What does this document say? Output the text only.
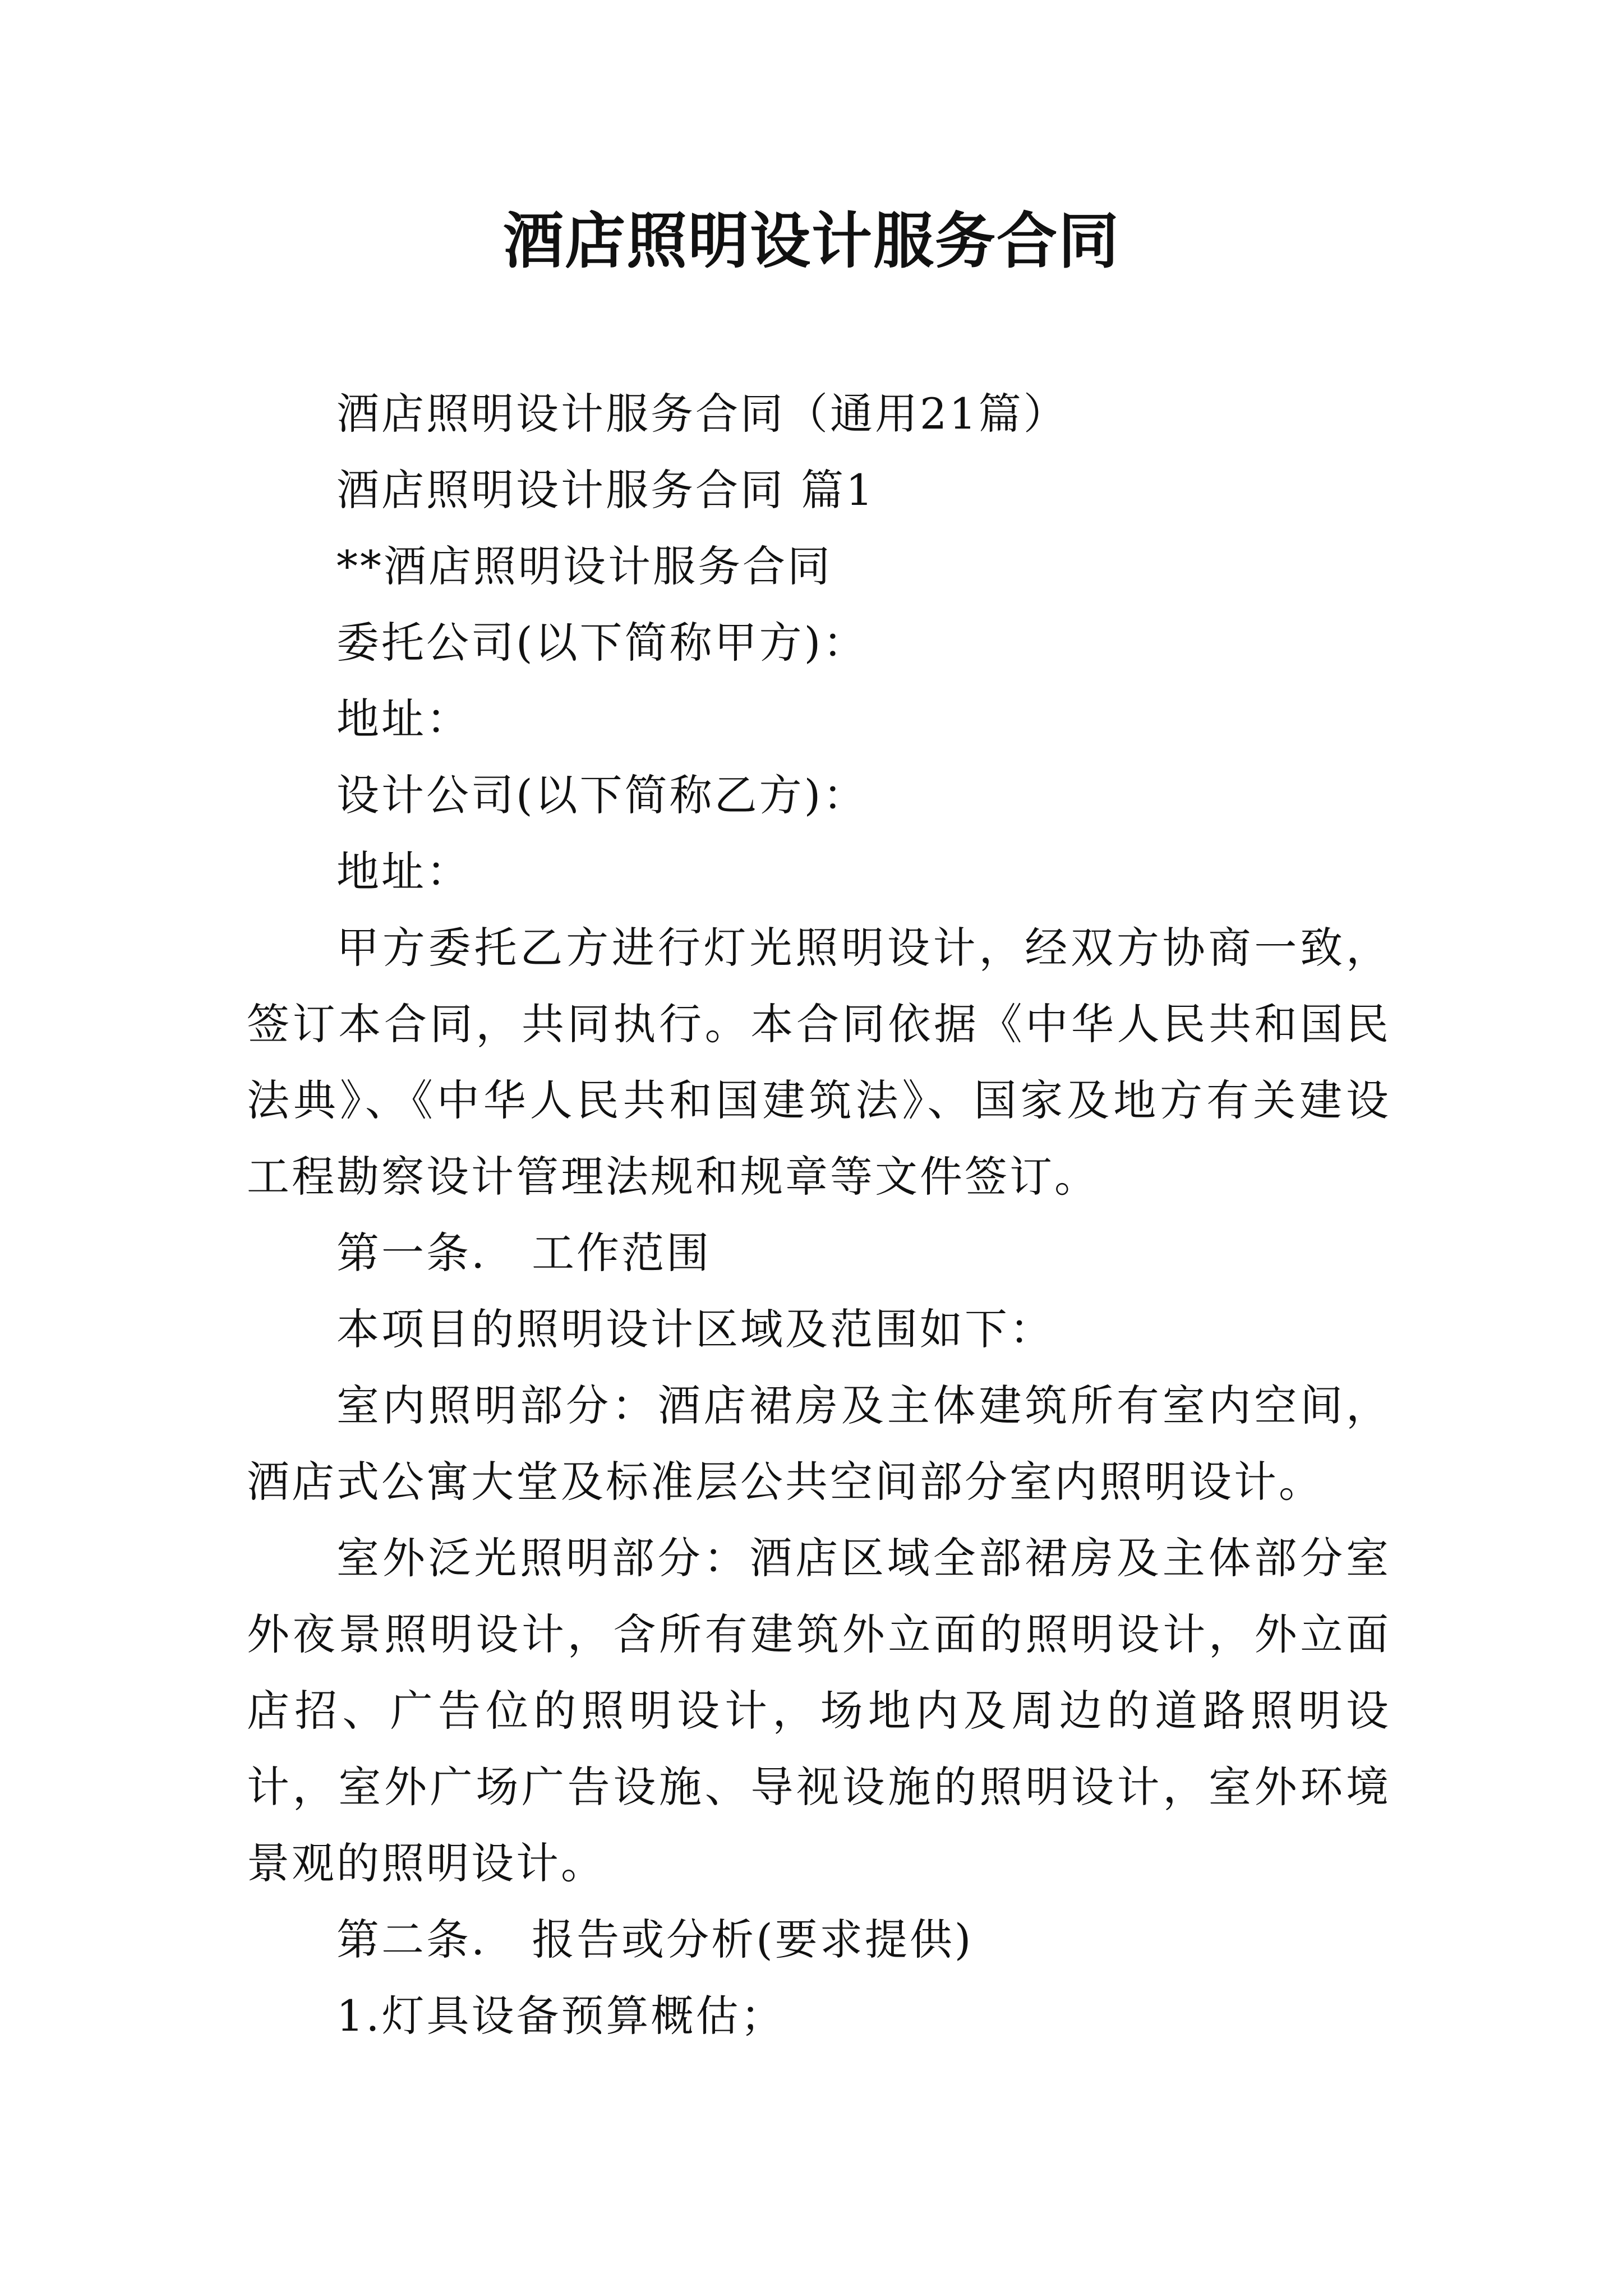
酒店照明设计服务合同

酒店照明设计服务合同（通用21篇）

酒店照明设计服务合同 篇1

**酒店照明设计服务合同

委托公司(以下简称甲方)：

地址：

设计公司(以下简称乙方)：

地址：

甲方委托乙方进行灯光照明设计，经双方协商一致，签订本合同，共同执行。本合同依据《中华人民共和国民法典》、《中华人民共和国建筑法》、国家及地方有关建设工程勘察设计管理法规和规章等文件签订。

第一条.　工作范围

本项目的照明设计区域及范围如下：

室内照明部分：酒店裙房及主体建筑所有室内空间，酒店式公寓大堂及标准层公共空间部分室内照明设计。

室外泛光照明部分：酒店区域全部裙房及主体部分室外夜景照明设计，含所有建筑外立面的照明设计，外立面店招、广告位的照明设计，场地内及周边的道路照明设计，室外广场广告设施、导视设施的照明设计，室外环境景观的照明设计。

第二条.　报告或分析(要求提供)

1.灯具设备预算概估；
